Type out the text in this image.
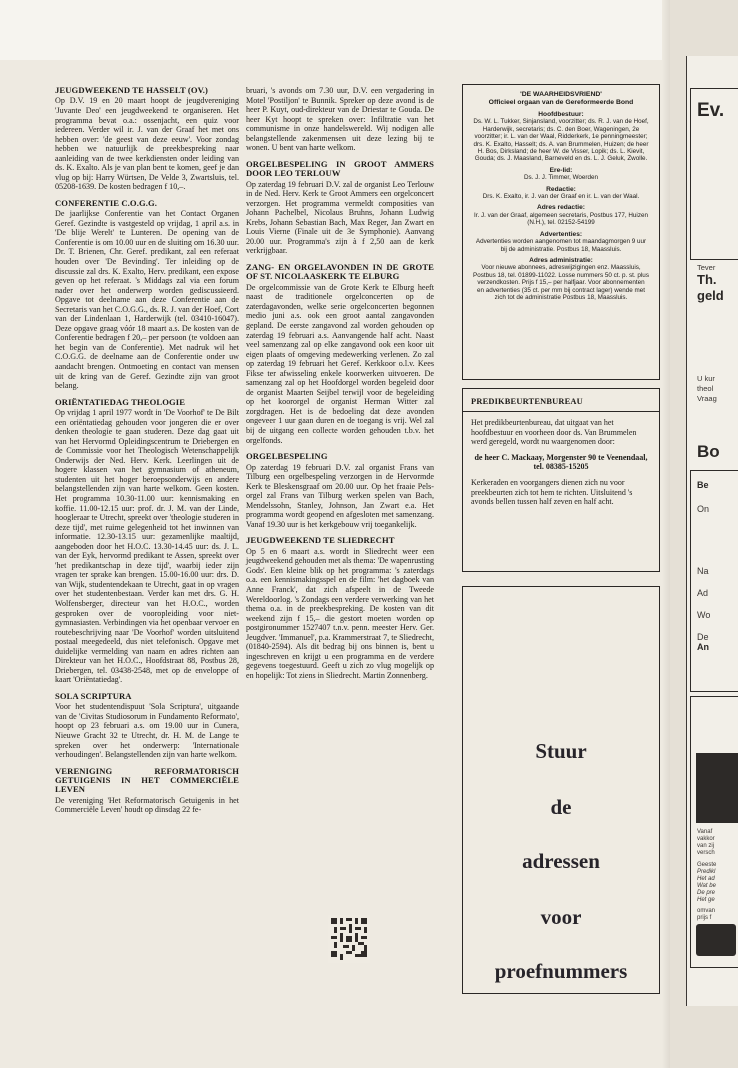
JEUGDWEEKEND TE HASSELT (OV.)

Op D.V. 19 en 20 maart hoopt de jeugdvereniging 'Juvante Deo' een jeugdweekend te organiseren. Het programma bevat o.a.: ossenjacht, een quiz voor iedereen. Verder wil ir. J. van der Graaf het met ons hebben over: 'de geest van deze eeuw'. Voor zondag hebben we natuurlijk de preekbespreking naar aanleiding van de twee kerkdiensten onder leiding van ds. K. Exalto. Als je van plan bent te komen, geef je dan vlug op bij: Harry Würtsen, De Velde 3, Zwartsluis, tel. 05208-1639. De kosten bedragen f 10,–.

CONFERENTIE C.O.G.G.

De jaarlijkse Conferentie van het Contact Organen Geref. Gezindte is vastgesteld op vrijdag, 1 april a.s. in 'De blije Werelt' te Lunteren. De opening van de Conferentie is om 10.00 uur en de sluiting om 16.30 uur. Dr. T. Brienen, Chr. Geref. predikant, zal een referaat houden over 'De Bevinding'. Ter inleiding op de discussie zal drs. K. Exalto, Herv. predikant, een expose geven op het referaat. 's Middags zal via een forum nader over het onderwerp worden gediscussieerd. Opgave tot deelname aan deze Conferentie aan de Secretaris van het C.O.G.G., ds. R. J. van der Hoef, Cort van der Lindenlaan 1, Harderwijk (tel. 03410-16047). Deze opgave graag vóór 18 maart a.s. De kosten van de Conferentie bedragen f 20,– per persoon (te voldoen aan het begin van de Conferentie). Met nadruk wil het C.O.G.G. de deelname aan de Conferentie onder uw aandacht brengen. Ontmoeting en contact van mensen uit de kring van de Geref. Gezindte zijn van groot belang.

ORIËNTATIEDAG THEOLOGIE

Op vrijdag 1 april 1977 wordt in 'De Voorhof' te De Bilt een oriëntatiedag gehouden voor jongeren die er over denken theologie te gaan studeren. Deze dag gaat uit van het Hervormd Opleidingscentrum te Driebergen en de Commissie voor het Theologisch Wetenschappelijk Onderwijs der Ned. Herv. Kerk. Leerlingen uit de hogere klassen van het gymnasium of atheneum, studenten uit het hoger beroepsonderwijs en andere belangstellenden zijn van harte welkom. Geen kosten. Het programma 10.30-11.00 uur: kennismaking en koffie. 11.00-12.15 uur: prof. dr. J. M. van der Linde, hoogleraar te Utrecht, spreekt over 'theologie studeren in deze tijd', met ruime gelegenheid tot het inwinnen van informatie. 12.30-13.15 uur: gezamenlijke maaltijd, aangeboden door het H.O.C. 13.30-14.45 uur: ds. J. L. van der Eyk, hervormd predikant te Assen, spreekt over 'het predikantschap in deze tijd', waarbij ieder zijn vragen ter sprake kan brengen. 15.00-16.00 uur: drs. D. van Wijk, studentendekaan te Utrecht, gaat in op vragen over het studentenbestaan. Verder kan met drs. G. H. Wolfensberger, directeur van het H.O.C., worden gesproken over de vooropleiding voor niet-gymnasiasten. Verbindingen via het openbaar vervoer en routebeschrijving naar 'De Voorhof' worden uitsluitend postaal meegedeeld, dus niet telefonisch. Opgave met duidelijke vermelding van naam en adres richten aan Direkteur van het H.O.C., Hoofdstraat 88, Postbus 28, Driebergen, tel. 03438-2548, met op de enveloppe of kaart 'Oriëntatiedag'.

SOLA SCRIPTURA

Voor het studentendispuut 'Sola Scriptura', uitgaande van de 'Civitas Studiosorum in Fundamento Reformato', hoopt op 23 februari a.s. om 19.00 uur in Cunera, Nieuwe Gracht 32 te Utrecht, dr. H. M. de Lange te spreken over het onderwerp: 'Internationale verhoudingen'. Belangstellenden zijn van harte welkom.

VERENIGING REFORMATORISCH GETUIGENIS IN HET COMMERCIËLE LEVEN

De vereniging 'Het Reformatorisch Getuigenis in het Commerciële Leven' houdt op dinsdag 22 fe-

bruari, 's avonds om 7.30 uur, D.V. een vergadering in Motel 'Postiljon' te Bunnik. Spreker op deze avond is de heer P. Kuyt, oud-direkteur van de Driestar te Gouda. De heer Kyt hoopt te spreken over: Infiltratie van het communisme in onze handelswereld. Wij nodigen alle belangstellende zakenmensen uit deze lezing bij te wonen. U bent van harte welkom.

ORGELBESPELING IN GROOT AMMERS DOOR LEO TERLOUW

Op zaterdag 19 februari D.V. zal de organist Leo Terlouw in de Ned. Herv. Kerk te Groot Ammers een orgelconcert verzorgen. Het programma vermeldt composities van Johann Pachelbel, Nicolaus Bruhns, Johann Ludwig Krebs, Johann Sebastian Bach, Max Reger, Jan Zwart en Louis Vierne (Finale uit de 3e Symphonie). Aanvang 20.00 uur. Programma's zijn à f 2,50 aan de kerk verkrijgbaar.

ZANG- EN ORGELAVONDEN IN DE GROTE OF ST. NICOLAASKERK TE ELBURG

De orgelcommissie van de Grote Kerk te Elburg heeft naast de traditionele orgelconcerten op de zaterdagavonden, welke serie orgelconcerten begonnen medio juni a.s. ook een groot aantal zangavonden gepland. De eerste zangavond zal worden gehouden op zaterdag 19 februari a.s. Aanvangende half acht. Naast veel samenzang zal op elke zangavond ook een koor uit eigen plaats of omgeving medewerking verlenen. Zo zal op zaterdag 19 februari het Geref. Kerkkoor o.l.v. Kees Fikse ter afwisseling enkele koorwerken uitvoeren. De samenzang zal op het Hoofdorgel worden begeleid door de organist Maarten Seijbel terwijl voor de begeleiding op het koororgel de organist Herman Witter zal zorgdragen. Het is de bedoeling dat deze avonden ongeveer 1 uur gaan duren en de toegang is vrij. Wel zal bij de uitgang een collecte worden gehouden t.b.v. het orgelfonds.

ORGELBESPELING

Op zaterdag 19 februari D.V. zal organist Frans van Tilburg een orgelbespeling verzorgen in de Hervormde Kerk te Bleskensgraaf om 20.00 uur. Op het fraaie Pels-orgel zal Frans van Tilburg werken spelen van Bach, Mendelssohn, Stanley, Johnson, Jan Zwart e.a. Het programma wordt geopend en afgesloten met samenzang. Vanaf 19.30 uur is het kerkgebouw vrij toegankelijk.

JEUGDWEEKEND TE SLIEDRECHT

Op 5 en 6 maart a.s. wordt in Sliedrecht weer een jeugdweekend gehouden met als thema: 'De wapenrusting Gods'. Een kleine blik op het programma: 's zaterdags o.a. een kennismakingsspel en de film: 'het dagboek van Anne Franck', dat zich afspeelt in de Tweede Wereldoorlog. 's Zondags een verdere verwerking van het thema o.a. in de preekbespreking. De kosten van dit weekend zijn f 15,– die gestort moeten worden op postgironummer 1527407 t.n.v. penn. meester Herv. Ger. Jeugdver. 'Immanuel', p.a. Krammerstraat 7, te Sliedrecht, (01840-2594). Als dit bedrag bij ons binnen is, bent u ingeschreven en krijgt u een programma en de verdere gegevens toegestuurd. Geeft u zich zo vlug mogelijk op en hopelijk: Tot ziens in Sliedrecht. Martin Zonnenberg.

'DE WAARHEIDSVRIEND'
Officieel orgaan van de Gereformeerde Bond
Hoofdbestuur:
Ds. W. L. Tukker, Sinjansland, voorzitter; ds. R. J. van de Hoef, Harderwijk, secretaris; ds. C. den Boer, Wageningen, 2e voorzitter; ir. L. van der Waal, Ridderkerk, 1e penningmeester; drs. K. Exalto, Hasselt; ds. A. van Brummelen, Huizen; de heer H. Bos, Dirksland; de heer W. de Visser, Lopik; ds. L. Kievit, Gouda; ds. J. Maasland, Barneveld en ds. L. J. Geluk, Zwolle.
Ere-lid:
Ds. J. J. Timmer, Woerden
Redactie:
Drs. K. Exalto, ir. J. van der Graaf en ir. L. van der Waal.
Adres redactie:
Ir. J. van der Graaf, algemeen secretaris, Postbus 177, Huizen (N.H.), tel. 02152-54199
Advertenties:
Advertenties worden aangenomen tot maandagmorgen 9 uur bij de administratie. Postbus 18, Maassluis.
Adres administratie:
Voor nieuwe abonnees, adreswijzigingen enz. Maassluis, Postbus 18, tel. 01899-11022. Losse nummers 50 ct. p. st. plus verzendkosten. Prijs f 15,– per halfjaar. Voor abonnementen en advertenties (35 ct. per mm bij contract lager) wende met zich tot de administratie Postbus 18, Maassluis.
PREDIKBEURTENBUREAU
Het predikbeurtenbureau, dat uitgaat van het hoofdbestuur en voorheen door ds. Van Brummelen werd geregeld, wordt nu waargenomen door:
de heer C. Mackaay, Morgenster 90 te Veenendaal, tel. 08385-15205
Kerkeraden en voorgangers dienen zich nu voor preekbeurten zich tot hem te richten. Uitsluitend 's avonds bellen tussen half zeven en half acht.
Stuur
de
adressen
voor
proefnummers
Ev.
Tever
Th.
geld
U kur
theol
Vraag
Bo
Be
On
Na
Ad
Wo
De
An
Vanaf
vakkor
van zij
versch
Geeste
Predikl
Het ad
Wat be
De pre
Het ge
omvan
prijs f
